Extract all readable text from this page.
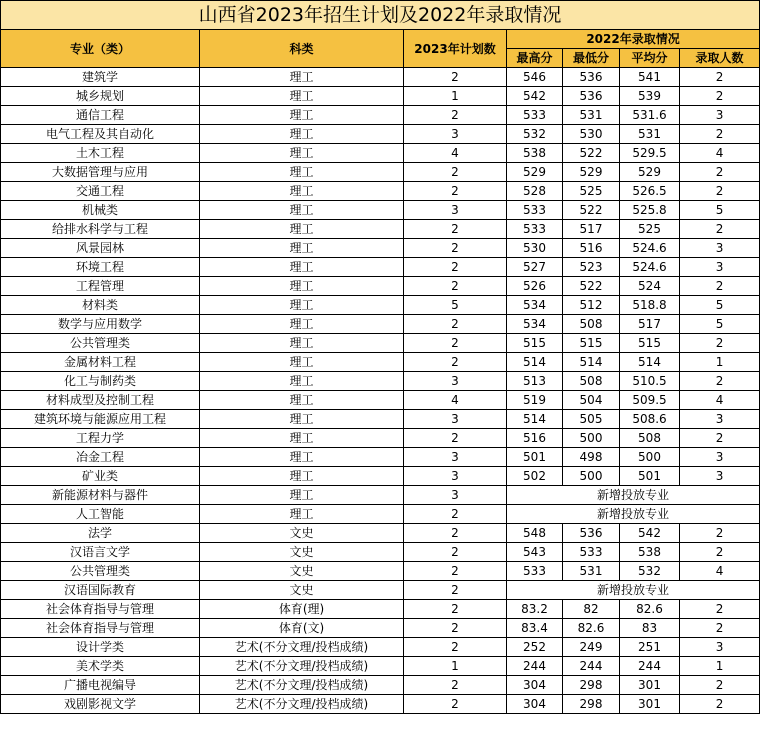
山西省2023年招生计划及2022年录取情况						
专业（类）	科类	2023年计划数	2022年录取情况			
			最高分	最低分	平均分	录取人数
建筑学	理工	2	546	536	541	2
城乡规划	理工	1	542	536	539	2
通信工程	理工	2	533	531	531.6	3
电气工程及其自动化	理工	3	532	530	531	2
土木工程	理工	4	538	522	529.5	4
大数据管理与应用	理工	2	529	529	529	2
交通工程	理工	2	528	525	526.5	2
机械类	理工	3	533	522	525.8	5
给排水科学与工程	理工	2	533	517	525	2
风景园林	理工	2	530	516	524.6	3
环境工程	理工	2	527	523	524.6	3
工程管理	理工	2	526	522	524	2
材料类	理工	5	534	512	518.8	5
数学与应用数学	理工	2	534	508	517	5
公共管理类	理工	2	515	515	515	2
金属材料工程	理工	2	514	514	514	1
化工与制药类	理工	3	513	508	510.5	2
材料成型及控制工程	理工	4	519	504	509.5	4
建筑环境与能源应用工程	理工	3	514	505	508.6	3
工程力学	理工	2	516	500	508	2
冶金工程	理工	3	501	498	500	3
矿业类	理工	3	502	500	501	3
新能源材料与器件	理工	3	新增投放专业			
人工智能	理工	2	新增投放专业			
法学	文史	2	548	536	542	2
汉语言文学	文史	2	543	533	538	2
公共管理类	文史	2	533	531	532	4
汉语国际教育	文史	2	新增投放专业			
社会体育指导与管理	体育(理)	2	83.2	82	82.6	2
社会体育指导与管理	体育(文)	2	83.4	82.6	83	2
设计学类	艺术(不分文理/投档成绩)	2	252	249	251	3
美术学类	艺术(不分文理/投档成绩)	1	244	244	244	1
广播电视编导	艺术(不分文理/投档成绩)	2	304	298	301	2
戏剧影视文学	艺术(不分文理/投档成绩)	2	304	298	301	2
